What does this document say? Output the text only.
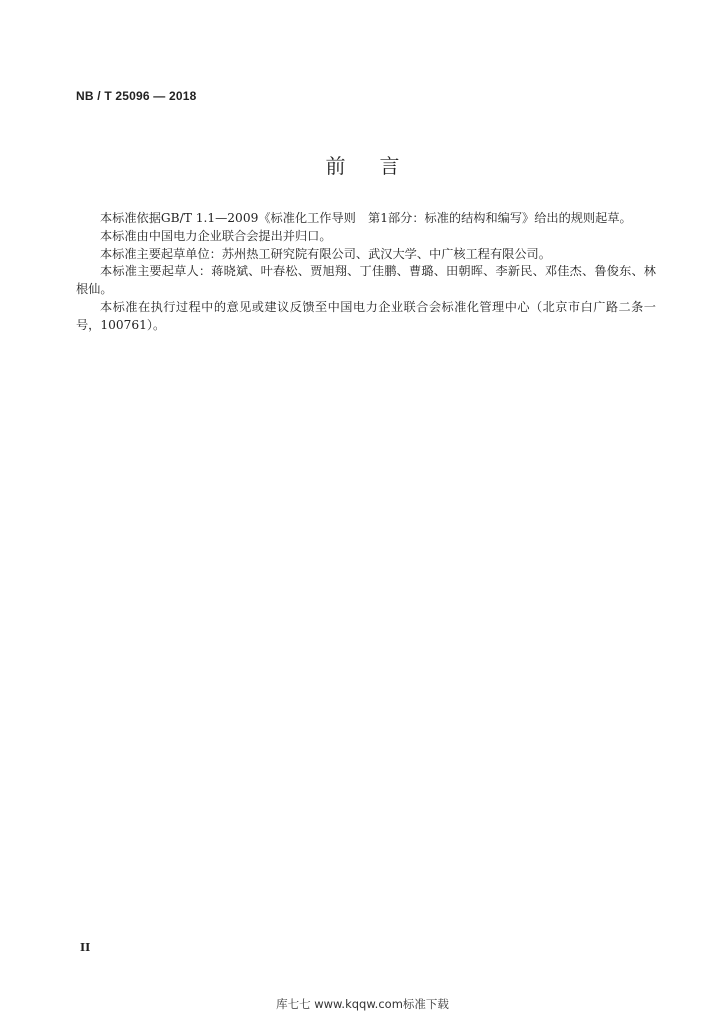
NB / T 25096 — 2018
前言

本标准依据GB/T 1.1—2009《标准化工作导则　第1部分：标准的结构和编写》给出的规则起草。

本标准由中国电力企业联合会提出并归口。

本标准主要起草单位：苏州热工研究院有限公司、武汉大学、中广核工程有限公司。

本标准主要起草人：蒋晓斌、叶春松、贾旭翔、丁佳鹏、曹璐、田朝晖、李新民、邓佳杰、鲁俊东、林根仙。

本标准在执行过程中的意见或建议反馈至中国电力企业联合会标准化管理中心（北京市白广路二条一号，100761）。

II
库七七 www.kqqw.com标准下载
